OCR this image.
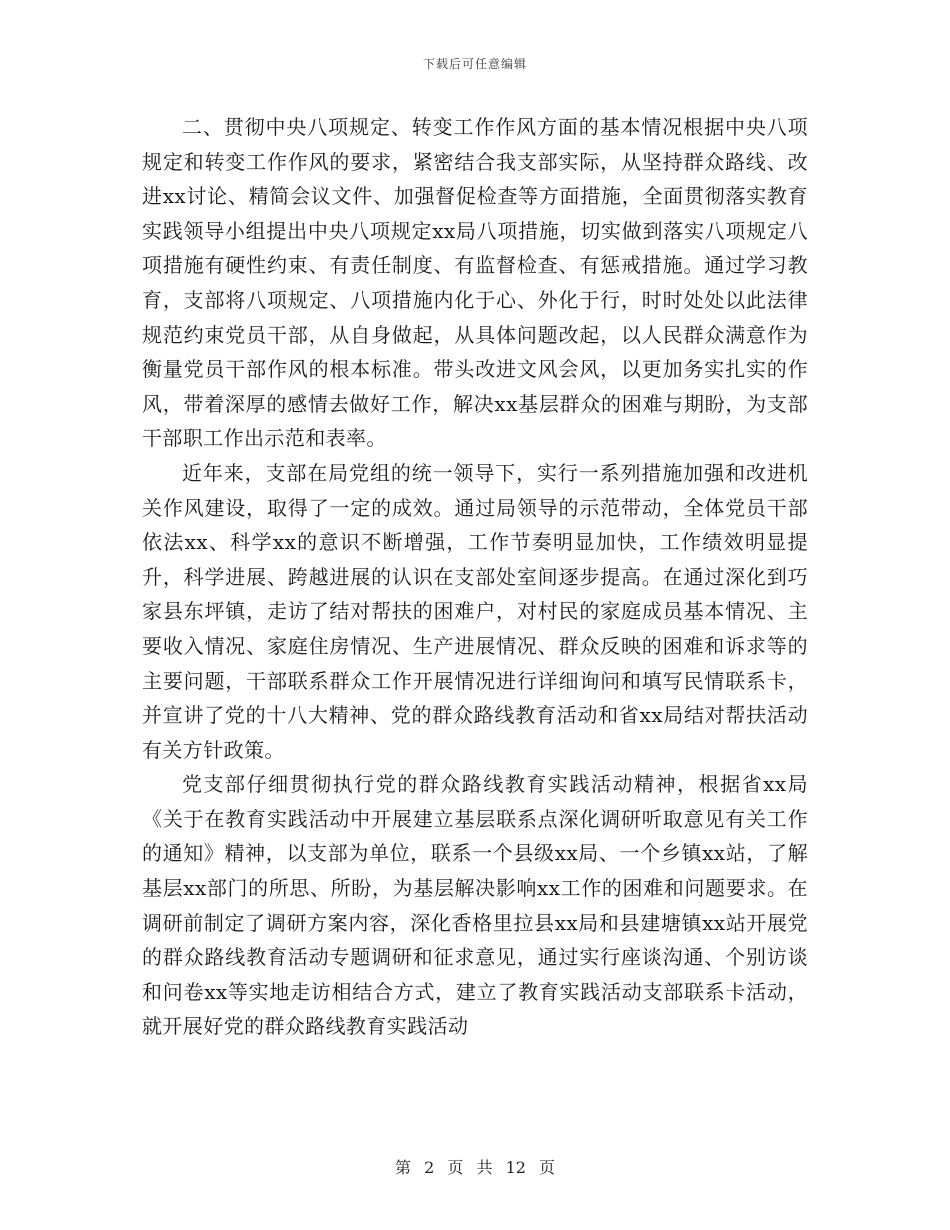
下载后可任意编辑

二、贯彻中央八项规定、转变工作作风方面的基本情况根据中央八项规定和转变工作作风的要求，紧密结合我支部实际，从坚持群众路线、改进xx讨论、精简会议文件、加强督促检查等方面措施，全面贯彻落实教育实践领导小组提出中央八项规定xx局八项措施，切实做到落实八项规定八项措施有硬性约束、有责任制度、有监督检查、有惩戒措施。通过学习教育，支部将八项规定、八项措施内化于心、外化于行，时时处处以此法律规范约束党员干部，从自身做起，从具体问题改起，以人民群众满意作为衡量党员干部作风的根本标准。带头改进文风会风，以更加务实扎实的作风，带着深厚的感情去做好工作，解决xx基层群众的困难与期盼，为支部干部职工作出示范和表率。

近年来，支部在局党组的统一领导下，实行一系列措施加强和改进机关作风建设，取得了一定的成效。通过局领导的示范带动，全体党员干部依法xx、科学xx的意识不断增强，工作节奏明显加快，工作绩效明显提升，科学进展、跨越进展的认识在支部处室间逐步提高。在通过深化到巧家县东坪镇，走访了结对帮扶的困难户，对村民的家庭成员基本情况、主要收入情况、家庭住房情况、生产进展情况、群众反映的困难和诉求等的主要问题，干部联系群众工作开展情况进行详细询问和填写民情联系卡，并宣讲了党的十八大精神、党的群众路线教育活动和省xx局结对帮扶活动有关方针政策。

党支部仔细贯彻执行党的群众路线教育实践活动精神，根据省xx局《关于在教育实践活动中开展建立基层联系点深化调研听取意见有关工作的通知》精神，以支部为单位，联系一个县级xx局、一个乡镇xx站，了解基层xx部门的所思、所盼，为基层解决影响xx工作的困难和问题要求。在调研前制定了调研方案内容，深化香格里拉县xx局和县建塘镇xx站开展党的群众路线教育活动专题调研和征求意见，通过实行座谈沟通、个别访谈和问卷xx等实地走访相结合方式，建立了教育实践活动支部联系卡活动，就开展好党的群众路线教育实践活动

第 2 页 共 12 页
